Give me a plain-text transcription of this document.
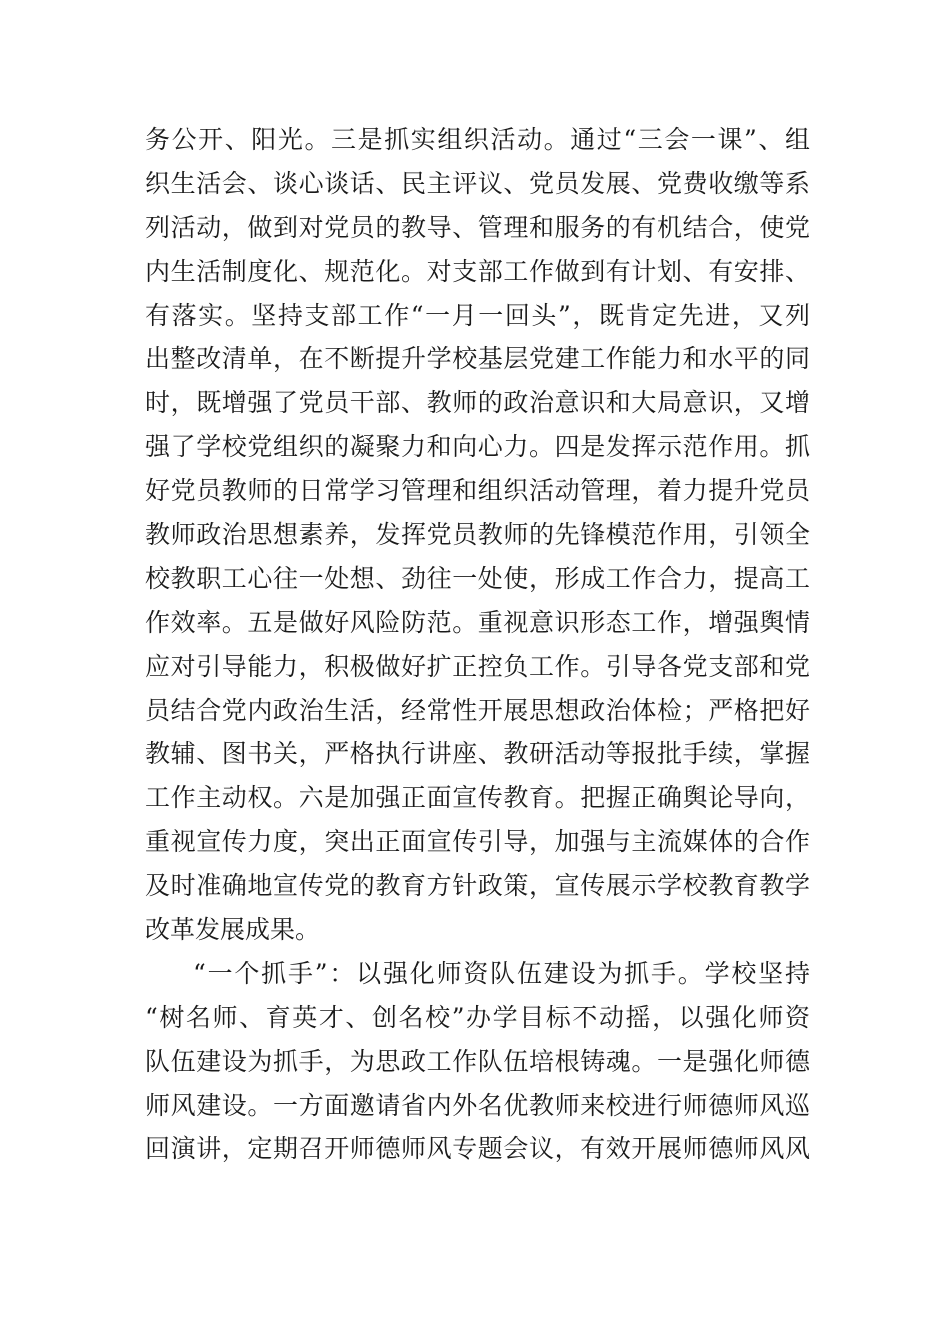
务公开、阳光。三是抓实组织活动。通过“三会一课”、组
织生活会、谈心谈话、民主评议、党员发展、党费收缴等系
列活动，做到对党员的教导、管理和服务的有机结合，使党
内生活制度化、规范化。对支部工作做到有计划、有安排、
有落实。坚持支部工作“一月一回头”，既肯定先进，又列
出整改清单，在不断提升学校基层党建工作能力和水平的同
时，既增强了党员干部、教师的政治意识和大局意识，又增
强了学校党组织的凝聚力和向心力。四是发挥示范作用。抓
好党员教师的日常学习管理和组织活动管理，着力提升党员
教师政治思想素养，发挥党员教师的先锋模范作用，引领全
校教职工心往一处想、劲往一处使，形成工作合力，提高工
作效率。五是做好风险防范。重视意识形态工作，增强舆情
应对引导能力，积极做好扩正控负工作。引导各党支部和党
员结合党内政治生活，经常性开展思想政治体检；严格把好
教辅、图书关，严格执行讲座、教研活动等报批手续，掌握
工作主动权。六是加强正面宣传教育。把握正确舆论导向，
重视宣传力度，突出正面宣传引导，加强与主流媒体的合作
及时准确地宣传党的教育方针政策，宣传展示学校教育教学
改革发展成果。
“一个抓手”：以强化师资队伍建设为抓手。学校坚持
“树名师、育英才、创名校”办学目标不动摇，以强化师资
队伍建设为抓手，为思政工作队伍培根铸魂。一是强化师德
师风建设。一方面邀请省内外名优教师来校进行师德师风巡
回演讲，定期召开师德师风专题会议，有效开展师德师风风
